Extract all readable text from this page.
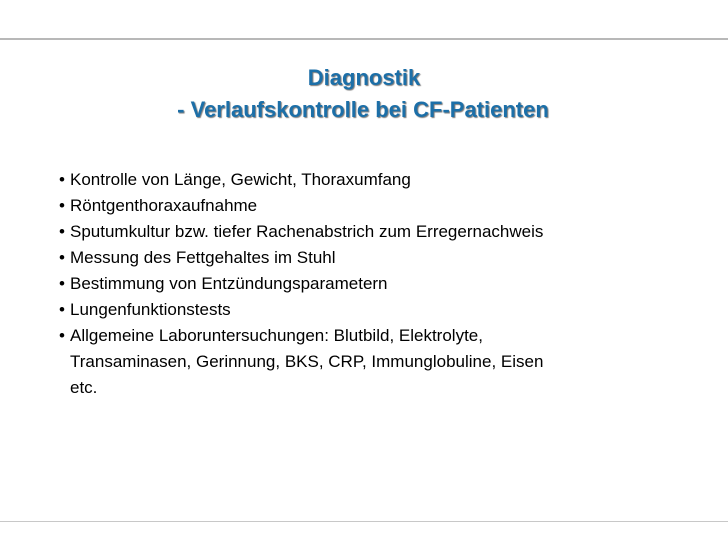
Diagnostik
- Verlaufskontrolle bei CF-Patienten
• Kontrolle von Länge, Gewicht, Thoraxumfang
• Röntgenthoraxaufnahme
• Sputumkultur bzw. tiefer Rachenabstrich zum Erregernachweis
• Messung des Fettgehaltes im Stuhl
• Bestimmung von Entzündungsparametern
• Lungenfunktionstests
• Allgemeine Laboruntersuchungen: Blutbild, Elektrolyte,
Transaminasen, Gerinnung, BKS, CRP, Immunglobuline, Eisen
etc.
